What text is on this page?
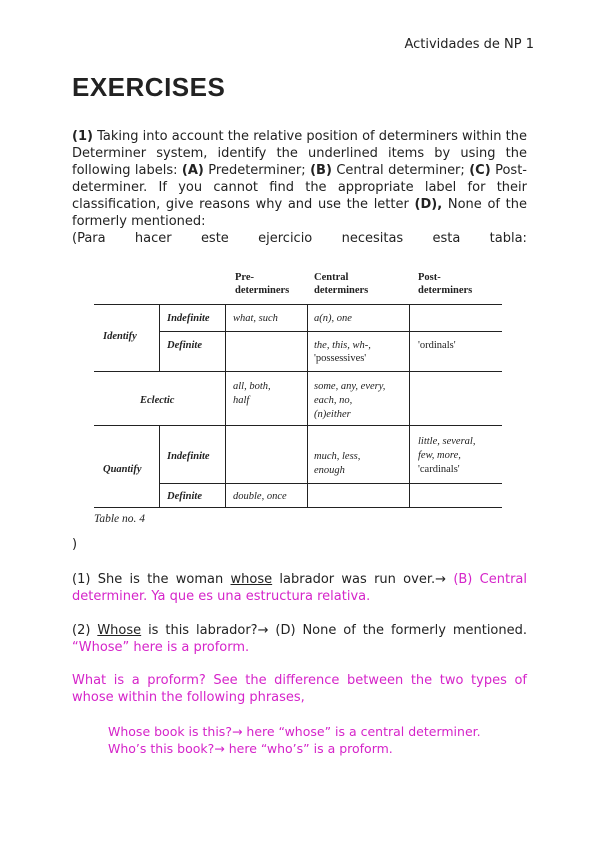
Actividades de NP 1
EXERCISES

(1) Taking into account the relative position of determiners within the Determiner system, identify the underlined items by using the following labels: (A) Predeterminer; (B) Central determiner; (C) Post-determiner. If you cannot find the appropriate label for their classification, give reasons why and use the letter (D), None of the formerly mentioned:

(Para hacer este ejercicio necesitas esta tabla:
Pre-
determiners
Central
determiners
Post-
determiners
Identify
Eclectic
Quantify
Indefinite
Definite
Indefinite
Definite
what, such	a(n), one
the, this, wh-,
'possessives'
'ordinals'
all, both,
half
some, any, every,
each, no,
(n)either
much, less,
enough
little, several,
few, more,
'cardinals'
double, once
Table no. 4
)

(1) She is the woman whose labrador was run over.→ (B) Central determiner. Ya que es una estructura relativa.

(2) Whose is this labrador?→ (D) None of the formerly mentioned. “Whose” here is a proform.

What is a proform? See the difference between the two types of whose within the following phrases,

Whose book is this?→ here “whose” is a central determiner.
Who’s this book?→ here “who’s” is a proform.
